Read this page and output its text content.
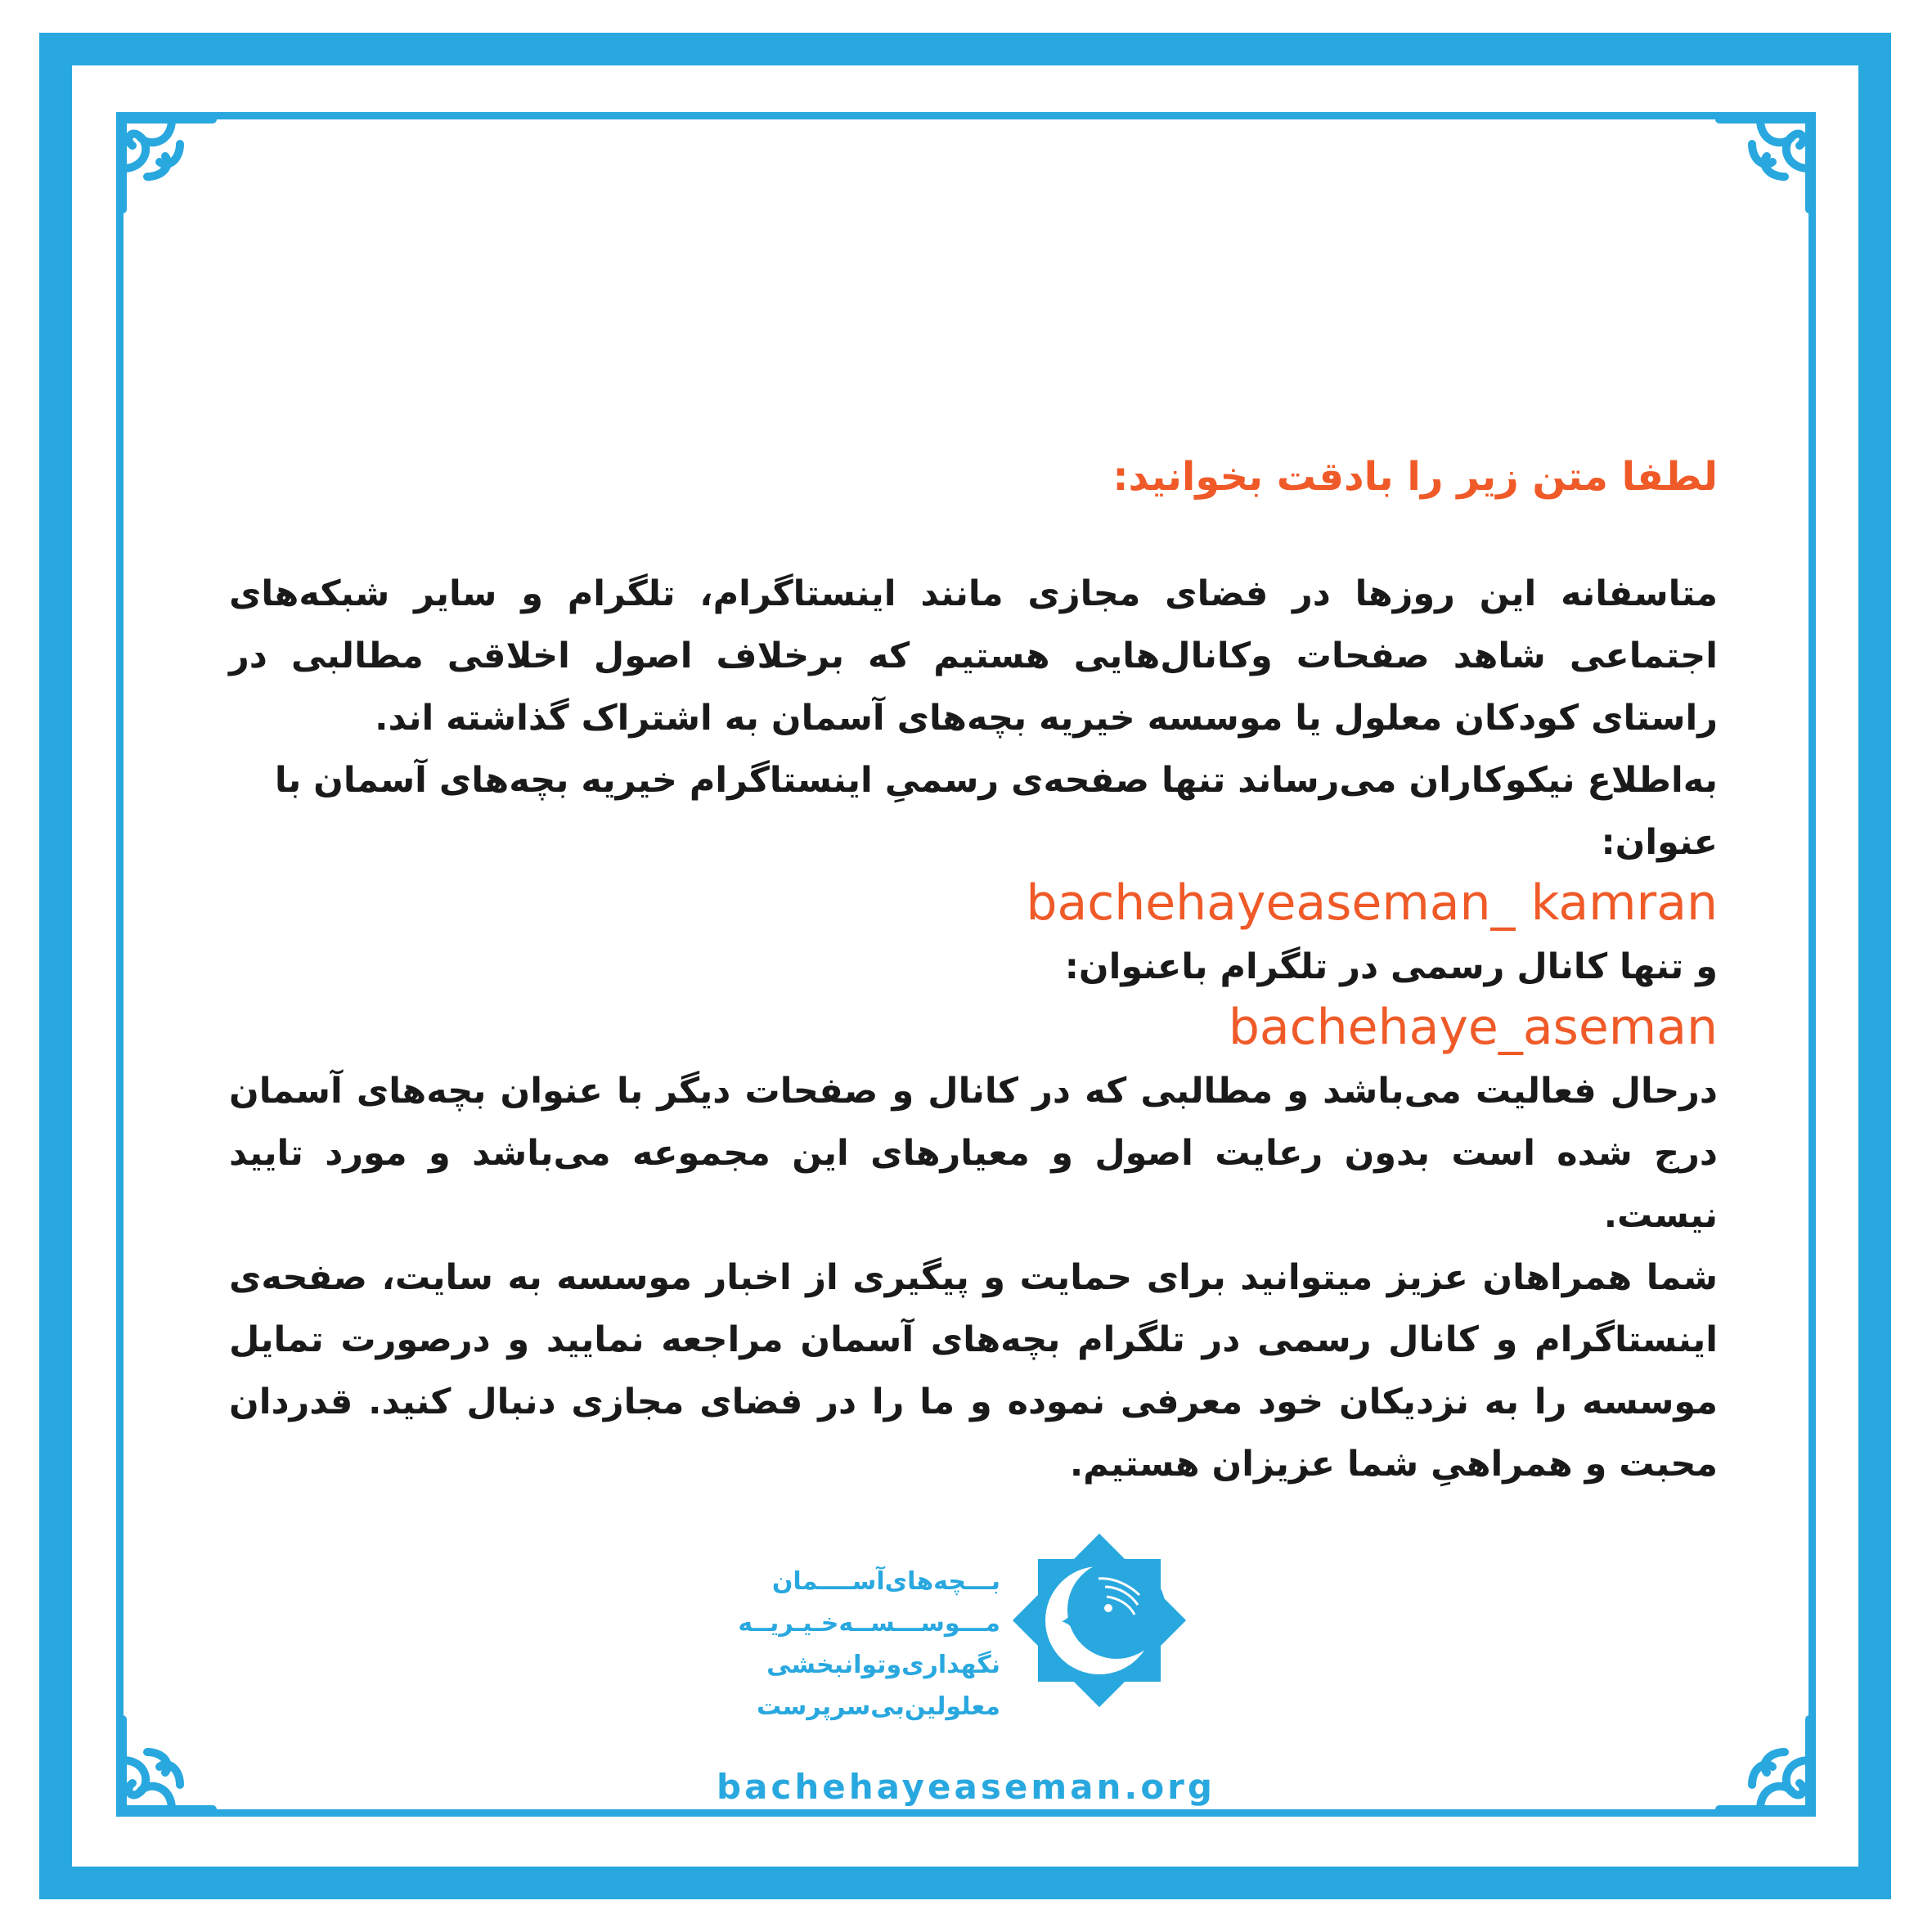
لطفا متن زیر را بادقت بخوانید:

متاسفانه این روزها در فضای مجازی مانند اینستاگرام، تلگرام و سایر شبکه‌های اجتماعی شاهد صفحات وکانال‌هایی هستیم که برخلاف اصول اخلاقی مطالبی در راستای کودکان معلول یا موسسه خیریه بچه‌های آسمان به اشتراک گذاشته اند.

به‌اطلاع نیکوکاران می‌رساند تنها صفحه‌ی رسمیِ اینستاگرام خیریه بچه‌های آسمان با عنوان:

bachehayeaseman_ kamran

و تنها کانال رسمی در تلگرام باعنوان:

bachehaye_aseman

درحال فعالیت می‌باشد و مطالبی که در کانال و صفحات دیگر با عنوان بچه‌های آسمان درج شده است بدون رعایت اصول و معیارهای این مجموعه می‌باشد و مورد تایید نیست.

شما همراهان عزیز میتوانید برای حمایت و پیگیری از اخبار موسسه به سایت، صفحه‌ی اینستاگرام و کانال رسمی در تلگرام بچه‌های آسمان مراجعه نمایید و درصورت تمایل موسسه را به نزدیکان خود معرفی نموده و ما را در فضای مجازی دنبال کنید. قدردان محبت و همراهیِ شما عزیزان هستیم.

بـــچه‌های‌آســــمان
مـــوســـســه‌خـیـریــه
نگهداری‌وتوانبخشی
معلولین‌بی‌سرپرست
bachehayeaseman.org
